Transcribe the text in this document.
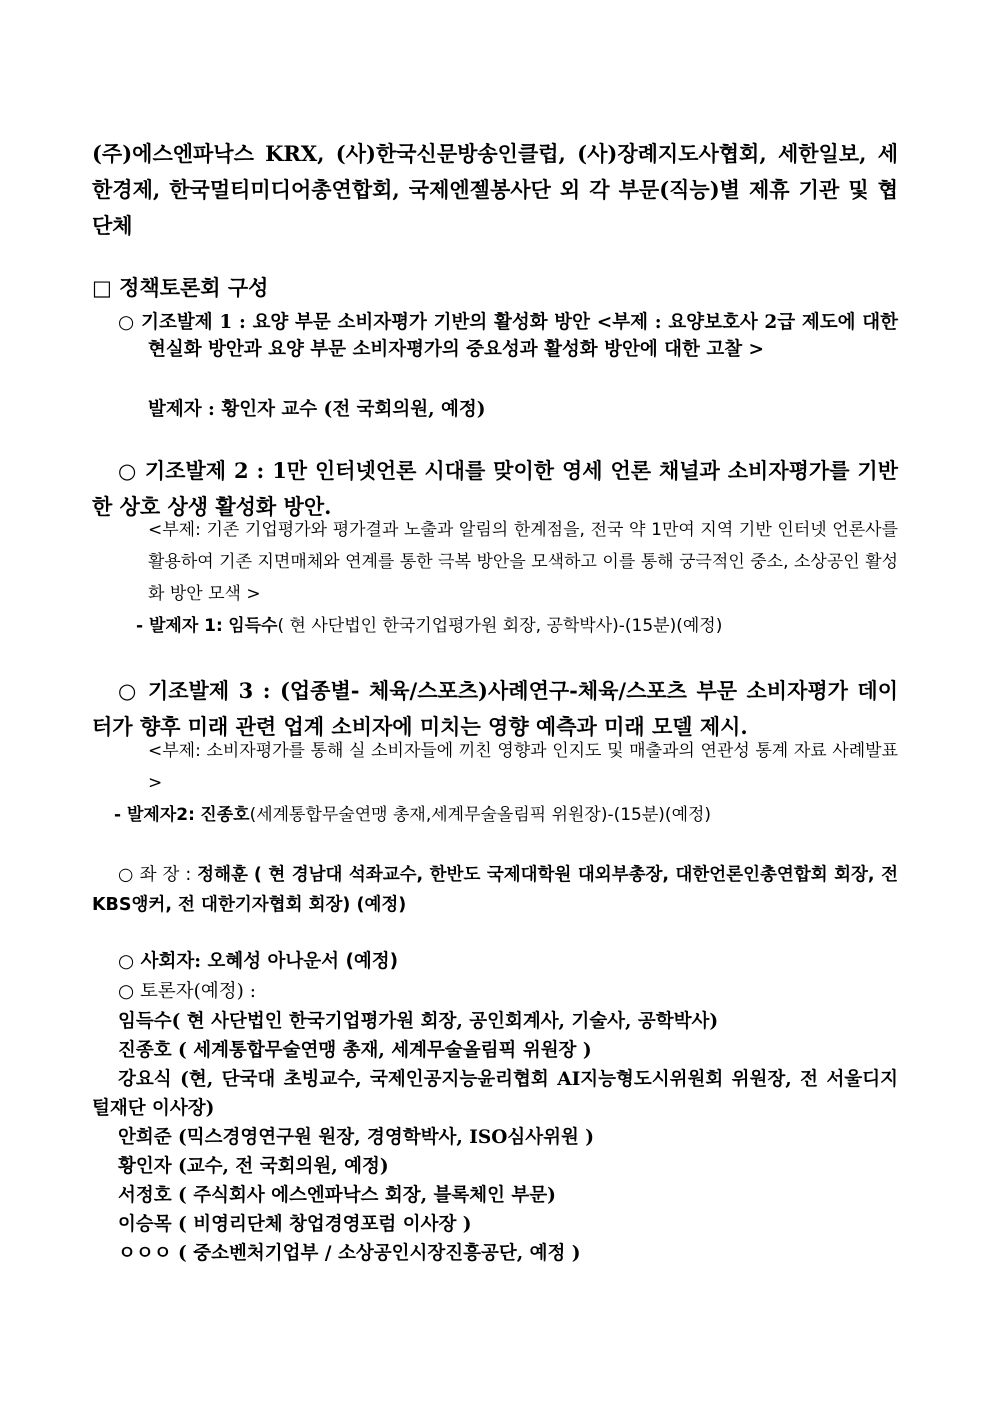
(주)에스엔파낙스 KRX, (사)한국신문방송인클럽, (사)장례지도사협회, 세한일보, 세한경제, 한국멀티미디어총연합회, 국제엔젤봉사단 외 각 부문(직능)별 제휴 기관 및 협단체

□ 정책토론회 구성

○ 기조발제 1 : 요양 부문 소비자평가 기반의 활성화 방안 <부제 : 요양보호사 2급 제도에 대한 현실화 방안과 요양 부문 소비자평가의 중요성과 활성화 방안에 대한 고찰 >

발제자 : 황인자 교수 (전 국회의원, 예정)

○ 기조발제 2 : 1만 인터넷언론 시대를 맞이한 영세 언론 채널과 소비자평가를 기반한 상호 상생 활성화 방안.

<부제: 기존 기업평가와 평가결과 노출과 알림의 한계점을, 전국 약 1만여 지역 기반 인터넷 언론사를 활용하여 기존 지면매체와 연계를 통한 극복 방안을 모색하고 이를 통해 궁극적인 중소, 소상공인 활성화 방안 모색 >

- 발제자 1: 임득수( 현 사단법인 한국기업평가원 회장, 공학박사)-(15분)(예정)

○ 기조발제 3 : (업종별- 체육/스포츠)사례연구-체육/스포츠 부문 소비자평가 데이터가 향후 미래 관련 업계 소비자에 미치는 영향 예측과 미래 모델 제시.

<부제: 소비자평가를 통해 실 소비자들에 끼친 영향과 인지도 및 매출과의 연관성 통계 자료 사례발표>

- 발제자2: 진종호(세계통합무술연맹 총재,세계무술올림픽 위원장)-(15분)(예정)

○ 좌 장 : 정해훈 ( 현 경남대 석좌교수, 한반도 국제대학원 대외부총장, 대한언론인총연합회 회장, 전 KBS앵커, 전 대한기자협회 회장) (예정)

○ 사회자: 오혜성 아나운서 (예정)

○ 토론자(예정) :

임득수( 현 사단법인 한국기업평가원 회장, 공인회계사, 기술사, 공학박사)
진종호 ( 세계통합무술연맹 총재, 세계무술올림픽 위원장 )
강요식 (현, 단국대 초빙교수, 국제인공지능윤리협회 AI지능형도시위원회 위원장, 전 서울디지털재단 이사장)
안희준 (믹스경영연구원 원장, 경영학박사, ISO심사위원 )
황인자 (교수, 전 국회의원, 예정)
서정호 ( 주식회사 에스엔파낙스 회장, 블록체인 부문)
이승목 ( 비영리단체 창업경영포럼 이사장 )
ㅇㅇㅇ ( 중소벤처기업부 / 소상공인시장진흥공단, 예정 )
